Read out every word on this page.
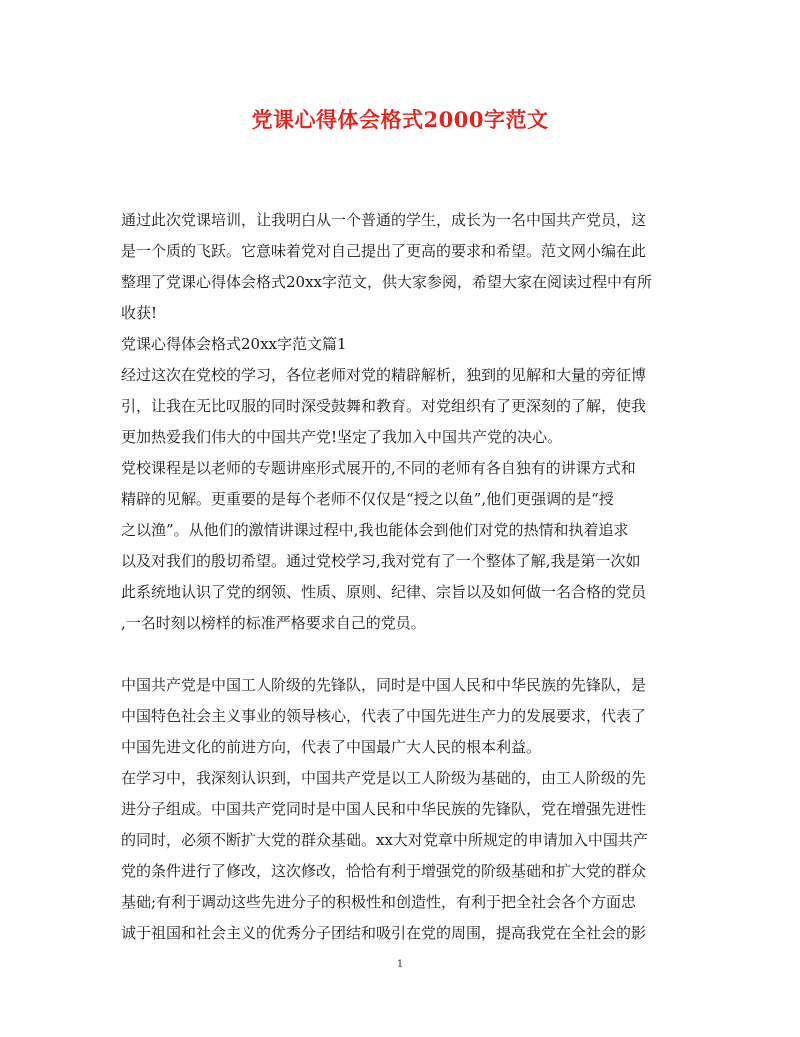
党课心得体会格式2000字范文
通过此次党课培训，让我明白从一个普通的学生，成长为一名中国共产党员，这
是一个质的飞跃。它意味着党对自己提出了更高的要求和希望。范文网小编在此
整理了党课心得体会格式20xx字范文，供大家参阅，希望大家在阅读过程中有所
收获!
党课心得体会格式20xx字范文篇1
经过这次在党校的学习，各位老师对党的精辟解析，独到的见解和大量的旁征博
引，让我在无比叹服的同时深受鼓舞和教育。对党组织有了更深刻的了解，使我
更加热爱我们伟大的中国共产党!坚定了我加入中国共产党的决心。
党校课程是以老师的专题讲座形式展开的,不同的老师有各自独有的讲课方式和
精辟的见解。更重要的是每个老师不仅仅是“授之以鱼”,他们更强调的是“授
之以渔”。从他们的激情讲课过程中,我也能体会到他们对党的热情和执着追求
以及对我们的殷切希望。通过党校学习,我对党有了一个整体了解,我是第一次如
此系统地认识了党的纲领、性质、原则、纪律、宗旨以及如何做一名合格的党员
,一名时刻以榜样的标准严格要求自己的党员。
中国共产党是中国工人阶级的先锋队，同时是中国人民和中华民族的先锋队，是
中国特色社会主义事业的领导核心，代表了中国先进生产力的发展要求，代表了
中国先进文化的前进方向，代表了中国最广大人民的根本利益。
在学习中，我深刻认识到，中国共产党是以工人阶级为基础的，由工人阶级的先
进分子组成。中国共产党同时是中国人民和中华民族的先锋队，党在增强先进性
的同时，必须不断扩大党的群众基础。xx大对党章中所规定的申请加入中国共产
党的条件进行了修改，这次修改，恰恰有利于增强党的阶级基础和扩大党的群众
基础;有利于调动这些先进分子的积极性和创造性，有利于把全社会各个方面忠
诚于祖国和社会主义的优秀分子团结和吸引在党的周围，提高我党在全社会的影
1
